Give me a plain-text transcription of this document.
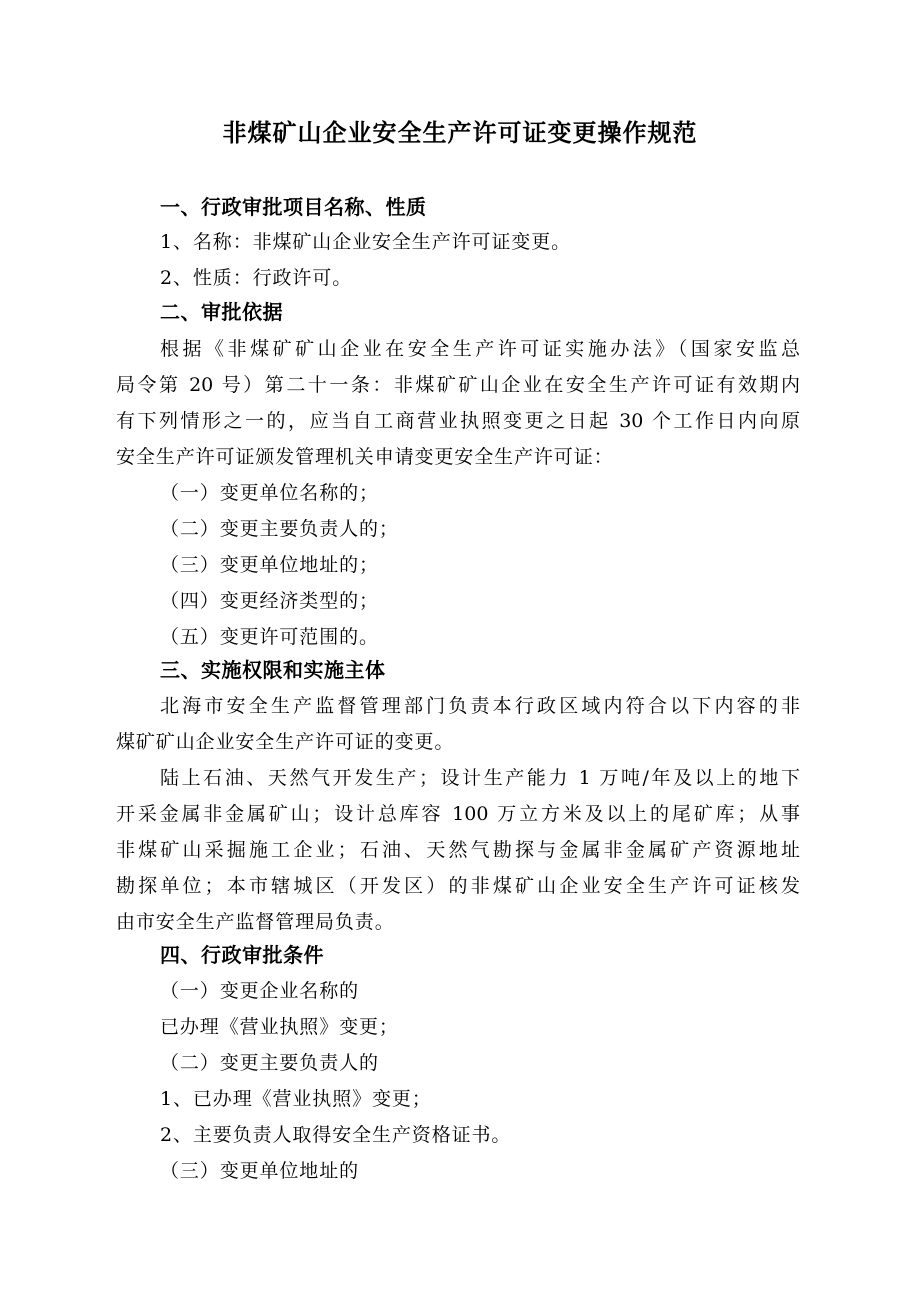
非煤矿山企业安全生产许可证变更操作规范
一、行政审批项目名称、性质
1、名称：非煤矿山企业安全生产许可证变更。
2、性质：行政许可。
二、审批依据
根据《非煤矿矿山企业在安全生产许可证实施办法》（国家安监总
局令第 20 号）第二十一条：非煤矿矿山企业在安全生产许可证有效期内
有下列情形之一的，应当自工商营业执照变更之日起 30 个工作日内向原
安全生产许可证颁发管理机关申请变更安全生产许可证：
（一）变更单位名称的；
（二）变更主要负责人的；
（三）变更单位地址的；
（四）变更经济类型的；
（五）变更许可范围的。
三、实施权限和实施主体
北海市安全生产监督管理部门负责本行政区域内符合以下内容的非
煤矿矿山企业安全生产许可证的变更。
陆上石油、天然气开发生产；设计生产能力 1 万吨/年及以上的地下
开采金属非金属矿山；设计总库容 100 万立方米及以上的尾矿库；从事
非煤矿山采掘施工企业；石油、天然气勘探与金属非金属矿产资源地址
勘探单位；本市辖城区（开发区）的非煤矿山企业安全生产许可证核发
由市安全生产监督管理局负责。
四、行政审批条件
（一）变更企业名称的
已办理《营业执照》变更；
（二）变更主要负责人的
1、已办理《营业执照》变更；
2、主要负责人取得安全生产资格证书。
（三）变更单位地址的
